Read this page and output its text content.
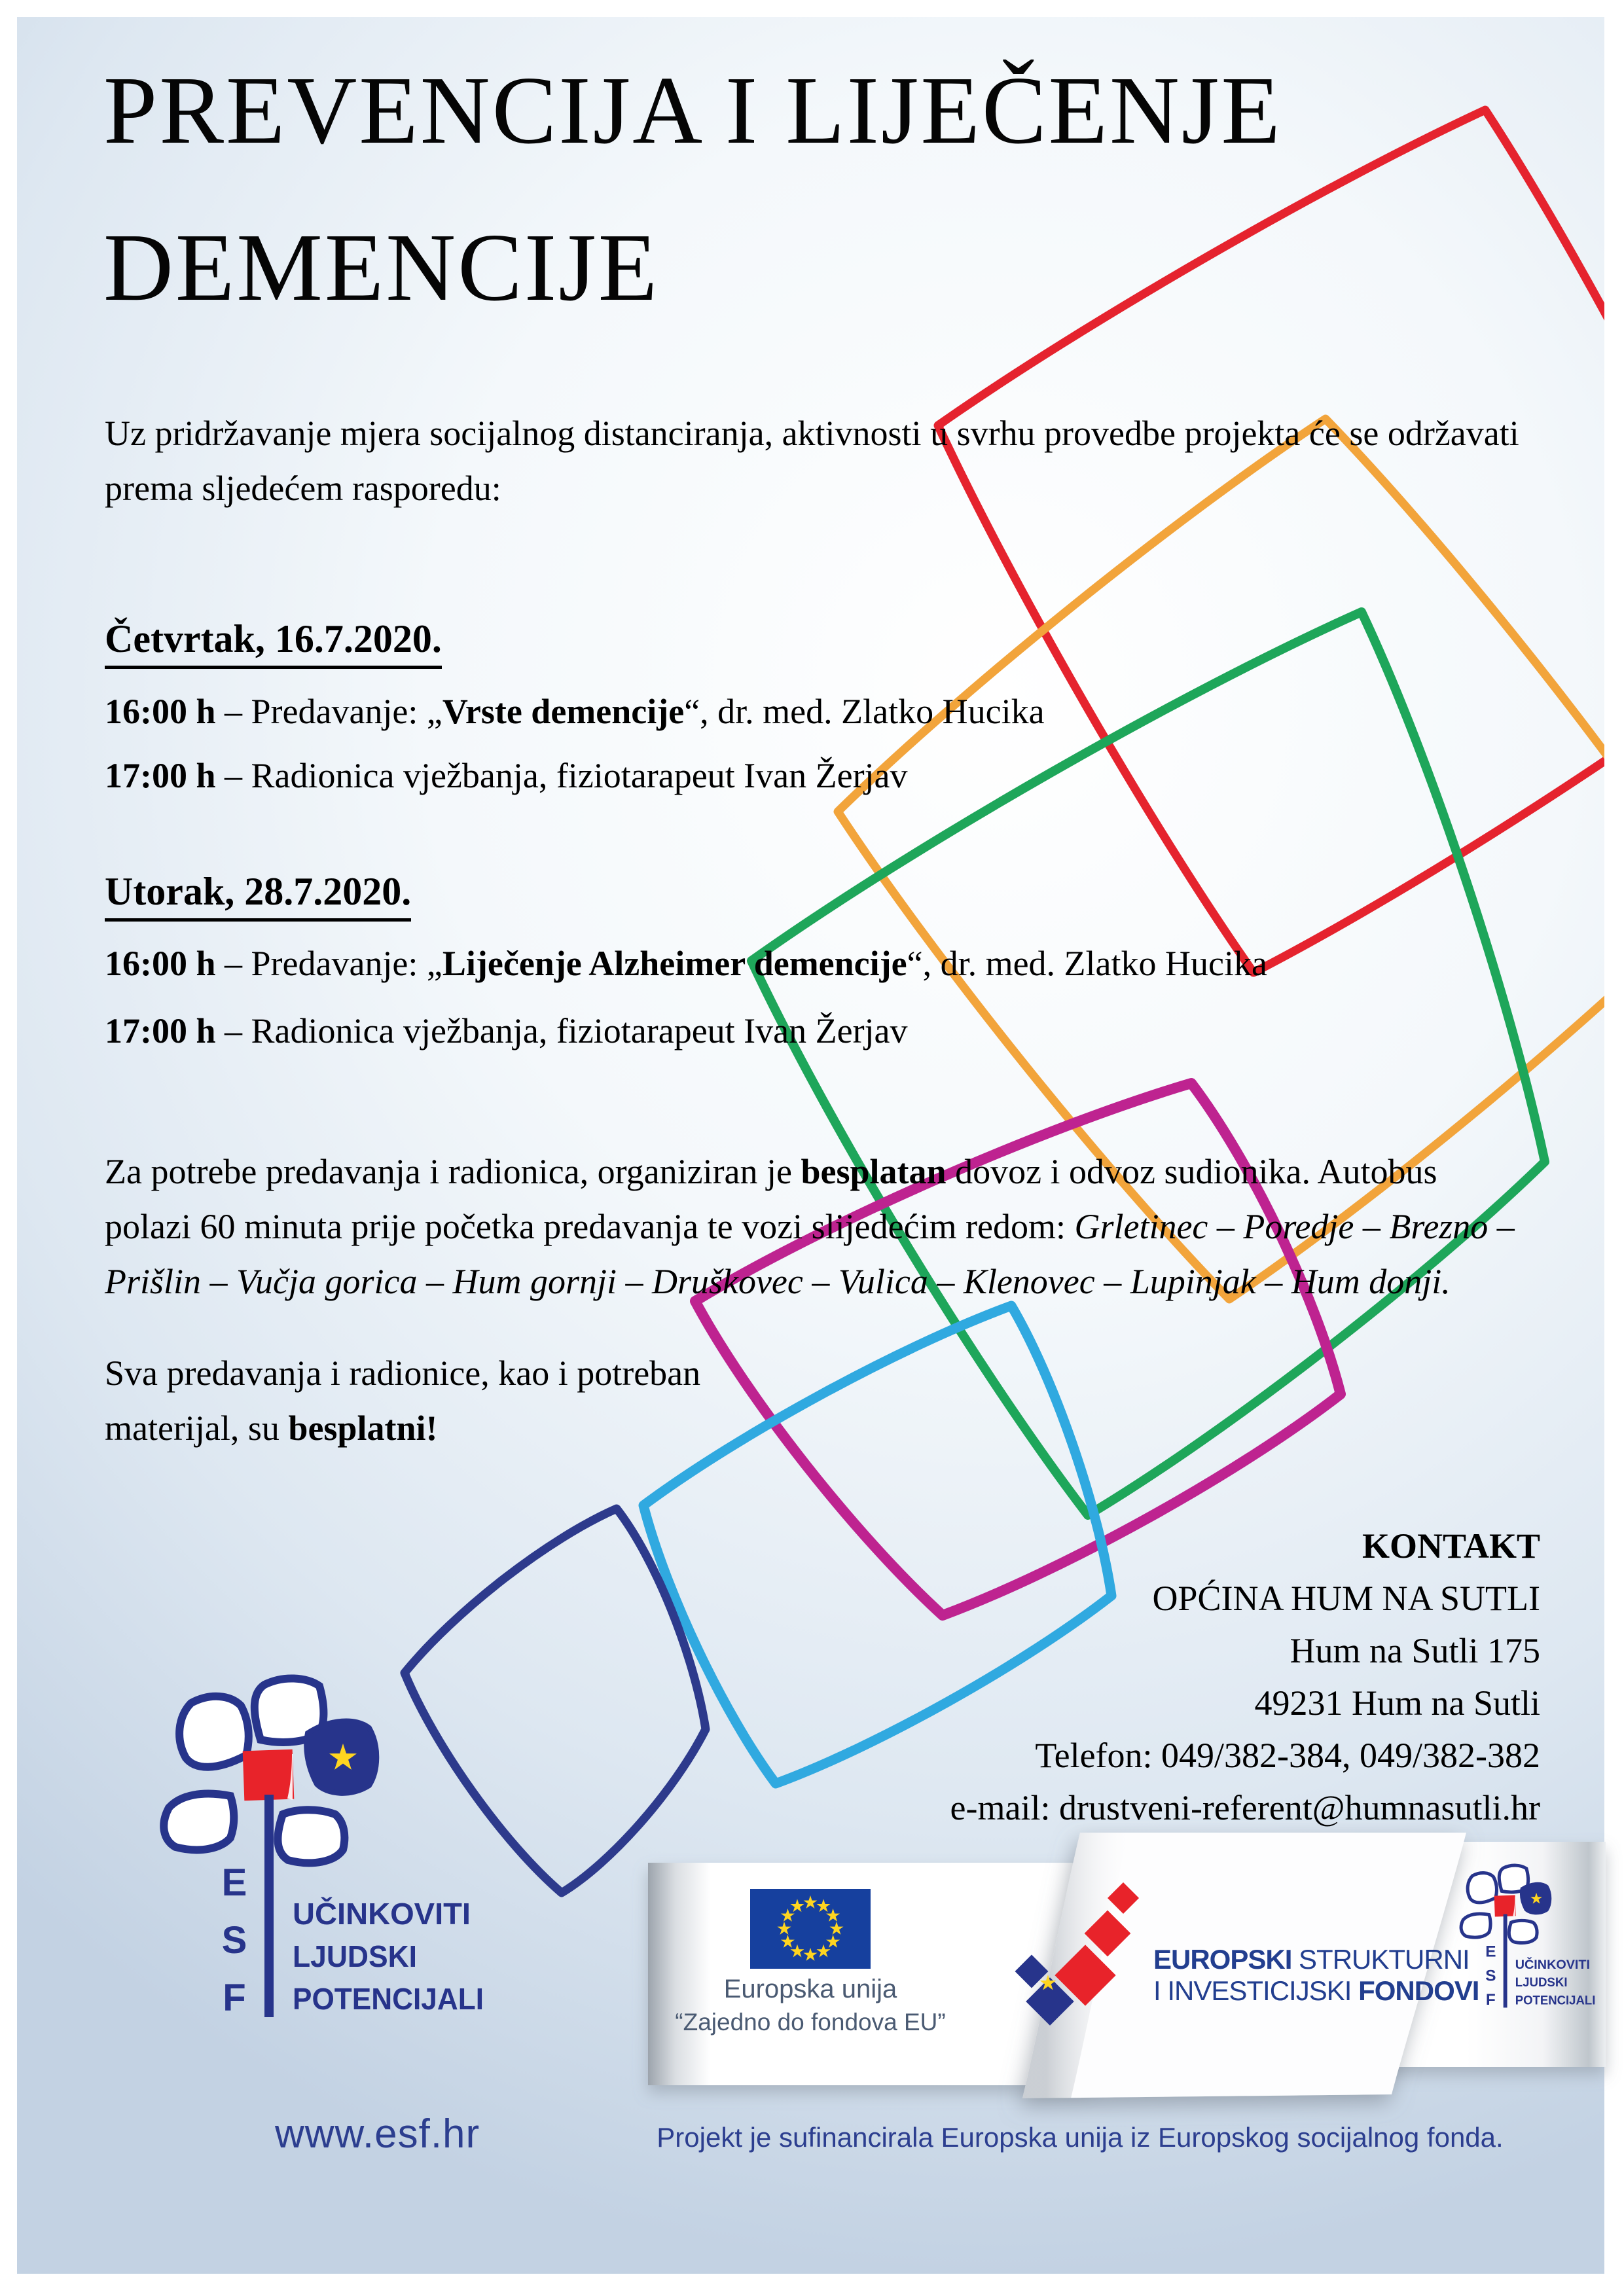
PREVENCIJA I LIJEČENJE
DEMENCIJE
Uz pridržavanje mjera socijalnog distanciranja, aktivnosti u svrhu provedbe projekta će se održavati prema sljedećem rasporedu:
Četvrtak, 16.7.2020.
16:00 h – Predavanje: „Vrste demencije“, dr. med. Zlatko Hucika
17:00 h – Radionica vježbanja, fiziotarapeut Ivan Žerjav
Utorak, 28.7.2020.
16:00 h – Predavanje: „Liječenje Alzheimer demencije“, dr. med. Zlatko Hucika
17:00 h – Radionica vježbanja, fiziotarapeut Ivan Žerjav
Za potrebe predavanja i radionica, organiziran je besplatan dovoz i odvoz sudionika. Autobus polazi 60 minuta prije početka predavanja te vozi slijedećim redom: Grletinec – Poredje – Brezno – Prišlin – Vučja gorica – Hum gornji – Druškovec – Vulica – Klenovec – Lupinjak – Hum donji.
Sva predavanja i radionice, kao i potreban materijal, su besplatni!
KONTAKT
OPĆINA HUM NA SUTLI
Hum na Sutli 175
49231 Hum na Sutli
Telefon: 049/382-384, 049/382-382
e-mail: drustveni-referent@humnasutli.hr
Europska unija
“Zajedno do fondova EU”
EUROPSKI STRUKTURNI
I INVESTICIJSKI FONDOVI
www.esf.hr	Projekt je sufinancirala Europska unija iz Europskog socijalnog fonda.
